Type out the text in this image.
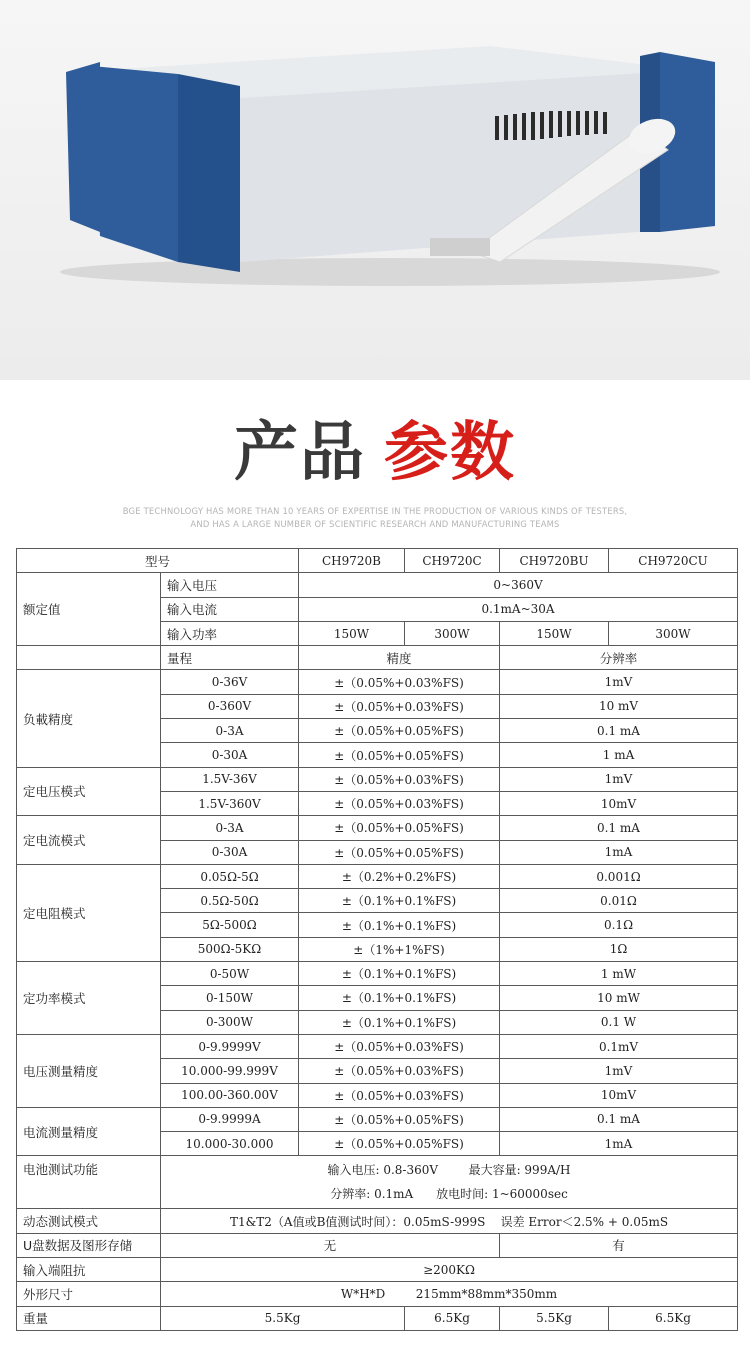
产品 参数
BGE TECHNOLOGY HAS MORE THAN 10 YEARS OF EXPERTISE IN THE PRODUCTION OF VARIOUS KINDS OF TESTERS,
AND HAS A LARGE NUMBER OF SCIENTIFIC RESEARCH AND MANUFACTURING TEAMS
型号		CH9720B	CH9720C	CH9720BU	CH9720CU
额定值	输入电压	0~360V			
	输入电流	0.1mA~30A			
	输入功率	150W	300W	150W	300W
	量程	精度		分辨率	
负載精度	0-36V	±（0.05%+0.03%FS)		1mV	
	0-360V	±（0.05%+0.03%FS)		10 mV	
	0-3A	±（0.05%+0.05%FS)		0.1 mA	
	0-30A	±（0.05%+0.05%FS)		1 mA	
定电压模式	1.5V-36V	±（0.05%+0.03%FS)		1mV	
	1.5V-360V	±（0.05%+0.03%FS)		10mV	
定电流模式	0-3A	±（0.05%+0.05%FS)		0.1 mA	
	0-30A	±（0.05%+0.05%FS)		1mA	
定电阻模式	0.05Ω-5Ω	±（0.2%+0.2%FS)		0.001Ω	
	0.5Ω-50Ω	±（0.1%+0.1%FS)		0.01Ω	
	5Ω-500Ω	±（0.1%+0.1%FS)		0.1Ω	
	500Ω-5KΩ	±（1%+1%FS)		1Ω	
定功率模式	0-50W	±（0.1%+0.1%FS)		1 mW	
	0-150W	±（0.1%+0.1%FS)		10 mW	
	0-300W	±（0.1%+0.1%FS)		0.1 W	
电压测量精度	0-9.9999V	±（0.05%+0.03%FS)		0.1mV	
	10.000-99.999V	±（0.05%+0.03%FS)		1mV	
	100.00-360.00V	±（0.05%+0.03%FS)		10mV	
电流测量精度	0-9.9999A	±（0.05%+0.05%FS)		0.1 mA	
	10.000-30.000	±（0.05%+0.05%FS)		1mA	
电池测试功能	输入电压: 0.8-360V        最大容量: 999A/H
分辨率: 0.1mA      放电时间: 1~60000sec				

动态测试模式	T1&T2（A值或B值测试时间）：0.05mS-999S    误差 Error＜2.5% + 0.05mS				
U盘数据及图形存储	无			有	
输入端阻抗	≥200KΩ				
外形尺寸	W*H*D        215mm*88mm*350mm				
重量	5.5Kg		6.5Kg	5.5Kg	6.5Kg
